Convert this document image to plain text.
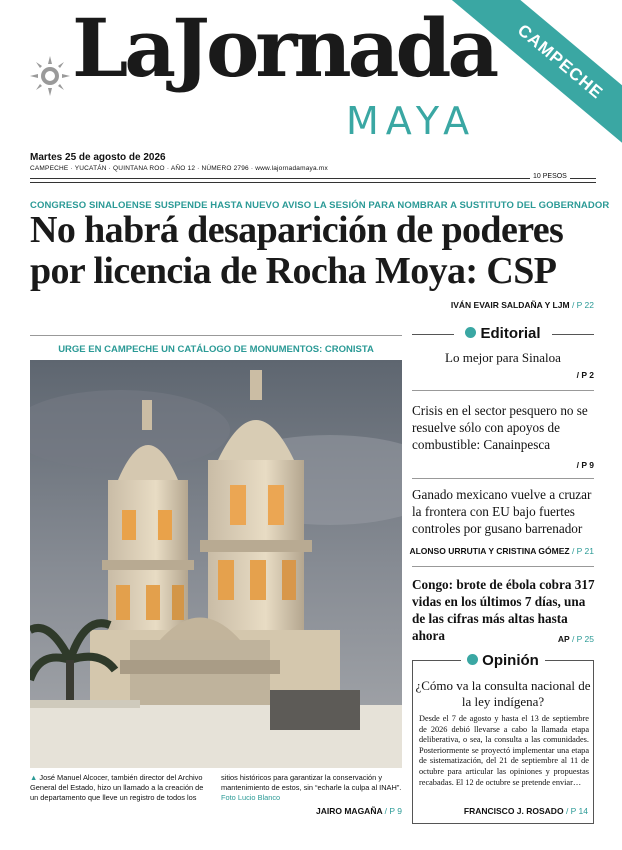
LaJornada
MAYA
CAMPECHE
Martes 25 de agosto de 2026
CAMPECHE · YUCATÁN · QUINTANA ROO · AÑO 12 · NÚMERO 2796 · www.lajornadamaya.mx
10 PESOS
CONGRESO SINALOENSE SUSPENDE HASTA NUEVO AVISO LA SESIÓN PARA NOMBRAR A SUSTITUTO DEL GOBERNADOR
No habrá desaparición de poderes por licencia de Rocha Moya: CSP
IVÁN EVAIR SALDAÑA Y LJM / P 22
URGE EN CAMPECHE UN CATÁLOGO DE MONUMENTOS: CRONISTA
▲ José Manuel Alcocer, también director del Archivo General del Estado, hizo un llamado a la creación de un departamento que lleve un registro de todos los sitios históricos para garantizar la conservación y mantenimiento de estos, sin “echarle la culpa al INAH”. Foto Lucio Blanco
JAIRO MAGAÑA / P 9
Editorial
Lo mejor para Sinaloa
/ P 2
Crisis en el sector pesquero no se resuelve sólo con apoyos de combustible: Canainpesca
/ P 9
Ganado mexicano vuelve a cruzar la frontera con EU bajo fuertes controles por gusano barrenador
ALONSO URRUTIA Y CRISTINA GÓMEZ / P 21
Congo: brote de ébola cobra 317 vidas en los últimos 7 días, una de las cifras más altas hasta ahora	AP / P 25
Opinión
¿Cómo va la consulta nacional de la ley indígena?
Desde el 7 de agosto y hasta el 13 de septiembre de 2026 debió llevarse a cabo la llamada etapa deliberativa, o sea, la consulta a las comunidades. Posteriormente se proyectó implementar una etapa de sistematización, del 21 de septiembre al 11 de octubre para articular las opiniones y propuestas recabadas. El 12 de octubre se pretende enviar…
FRANCISCO J. ROSADO / P 14
